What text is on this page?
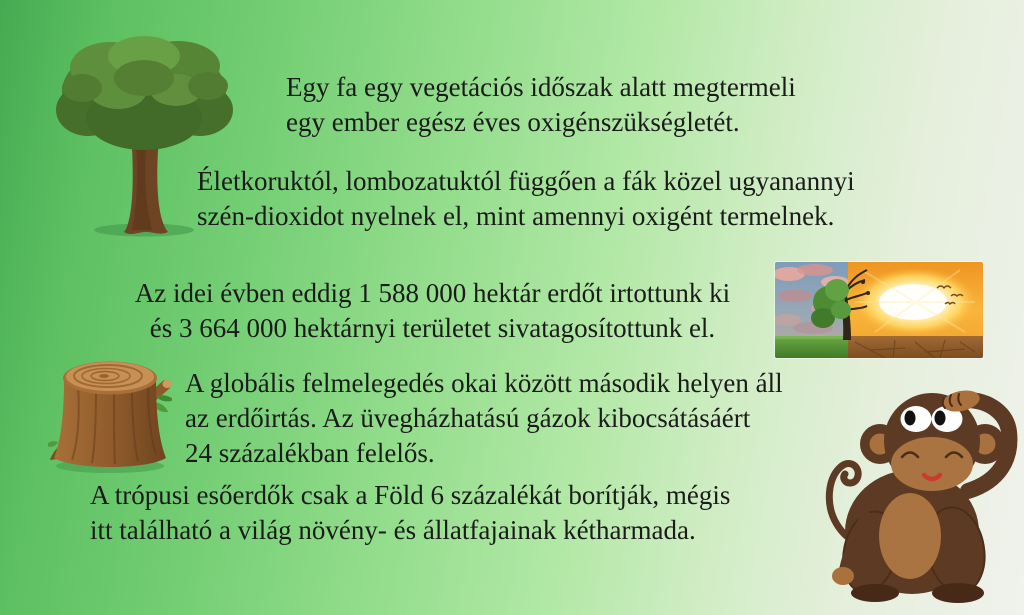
Egy fa egy vegetációs időszak alatt megtermeli
egy ember egész éves oxigénszükségletét.
Életkoruktól, lombozatuktól függően a fák közel ugyanannyi
szén-dioxidot nyelnek el, mint amennyi oxigént termelnek.
Az idei évben eddig 1 588 000 hektár erdőt irtottunk ki
és 3 664 000 hektárnyi területet sivatagosítottunk el.
A globális felmelegedés okai között második helyen áll
az erdőirtás. Az üvegházhatású gázok kibocsátásáért
24 százalékban felelős.
A trópusi esőerdők csak a Föld 6 százalékát borítják, mégis
itt található a világ növény- és állatfajainak kétharmada.
